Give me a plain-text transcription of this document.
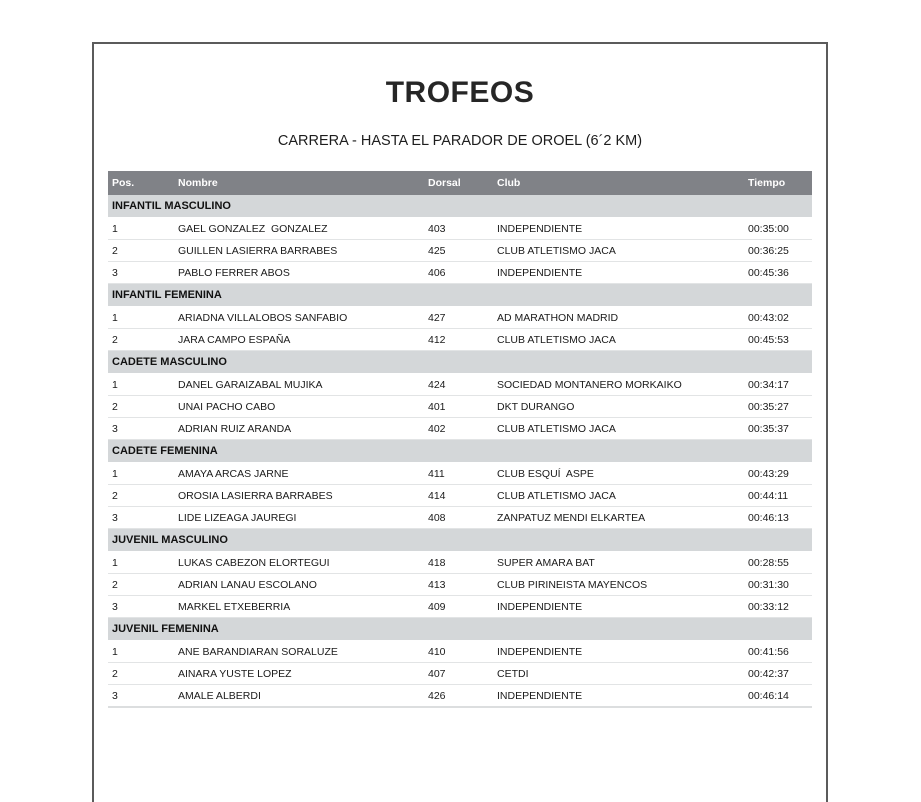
TROFEOS
CARRERA - HASTA EL PARADOR DE OROEL (6´2 KM)
Pos.	Nombre	Dorsal	Club	Tiempo
INFANTIL MASCULINO				
1	GAEL GONZALEZ  GONZALEZ	403	INDEPENDIENTE	00:35:00
2	GUILLEN LASIERRA BARRABES	425	CLUB ATLETISMO JACA	00:36:25
3	PABLO FERRER ABOS	406	INDEPENDIENTE	00:45:36
INFANTIL FEMENINA				
1	ARIADNA VILLALOBOS SANFABIO	427	AD MARATHON MADRID	00:43:02
2	JARA CAMPO ESPAÑA	412	CLUB ATLETISMO JACA	00:45:53
CADETE MASCULINO				
1	DANEL GARAIZABAL MUJIKA	424	SOCIEDAD MONTANERO MORKAIKO	00:34:17
2	UNAI PACHO CABO	401	DKT DURANGO	00:35:27
3	ADRIAN RUIZ ARANDA	402	CLUB ATLETISMO JACA	00:35:37
CADETE FEMENINA				
1	AMAYA ARCAS JARNE	411	CLUB ESQUÍ  ASPE	00:43:29
2	OROSIA LASIERRA BARRABES	414	CLUB ATLETISMO JACA	00:44:11
3	LIDE LIZEAGA JAUREGI	408	ZANPATUZ MENDI ELKARTEA	00:46:13
JUVENIL MASCULINO				
1	LUKAS CABEZON ELORTEGUI	418	SUPER AMARA BAT	00:28:55
2	ADRIAN LANAU ESCOLANO	413	CLUB PIRINEISTA MAYENCOS	00:31:30
3	MARKEL ETXEBERRIA	409	INDEPENDIENTE	00:33:12
JUVENIL FEMENINA				
1	ANE BARANDIARAN SORALUZE	410	INDEPENDIENTE	00:41:56
2	AINARA YUSTE LOPEZ	407	CETDI	00:42:37
3	AMALE ALBERDI	426	INDEPENDIENTE	00:46:14
